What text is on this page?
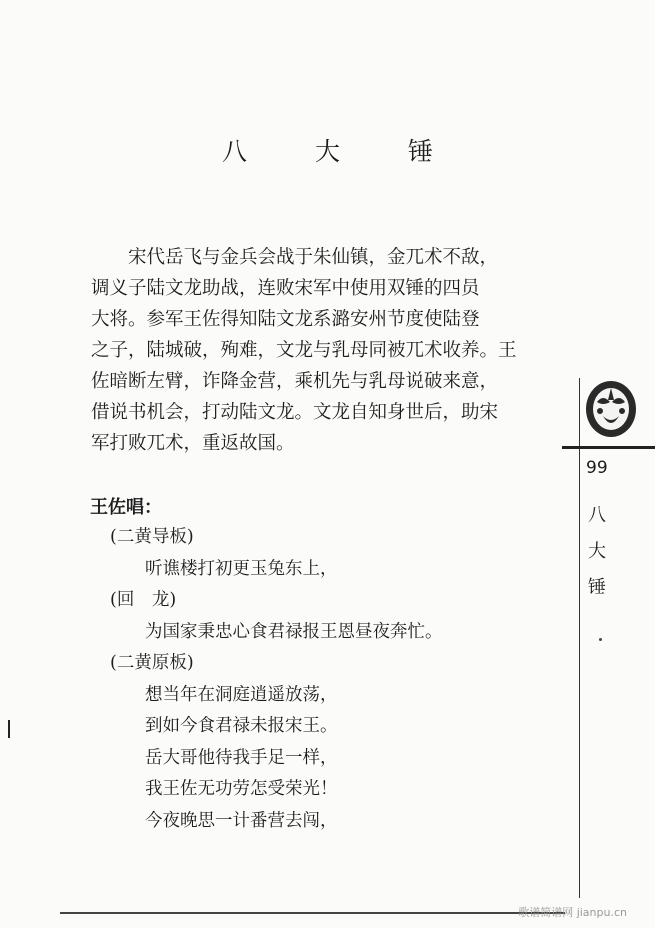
八 大 锤
宋代岳飞与金兵会战于朱仙镇，金兀术不敌，
调义子陆文龙助战，连败宋军中使用双锤的四员
大将。参军王佐得知陆文龙系潞安州节度使陆登
之子，陆城破，殉难，文龙与乳母同被兀术收养。王
佐暗断左臂，诈降金营，乘机先与乳母说破来意，
借说书机会，打动陆文龙。文龙自知身世后，助宋
军打败兀术，重返故国。
王佐唱：
(二黄导板)
听谯楼打初更玉兔东上，
(回　龙)
为国家秉忠心食君禄报王恩昼夜奔忙。
(二黄原板)
想当年在洞庭逍遥放荡，
到如今食君禄未报宋王。
岳大哥他待我手足一样，
我王佐无功劳怎受荣光！
今夜晚思一计番营去闯，
99
八
大
锤
歌谱简谱网 jianpu.cn
